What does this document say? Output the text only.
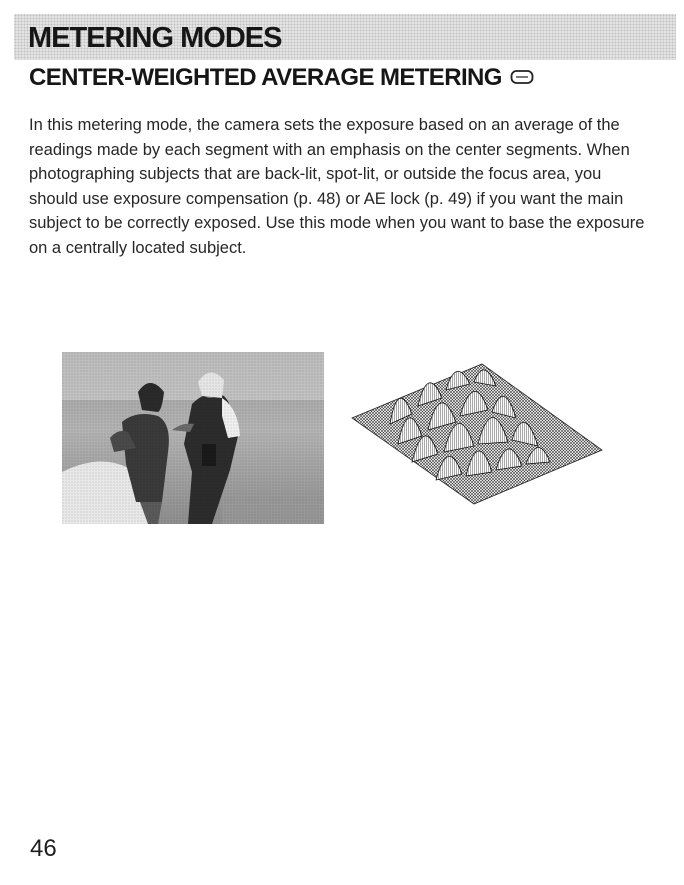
METERING MODES
CENTER-WEIGHTED AVERAGE METERING

In this metering mode, the camera sets the exposure based on an average of the readings made by each segment with an emphasis on the center segments. When photographing subjects that are back-lit, spot-lit, or outside the focus area, you should use exposure compensation (p. 48) or AE lock (p. 49) if you want the main subject to be correctly exposed. Use this mode when you want to base the exposure on a centrally located subject.

46
